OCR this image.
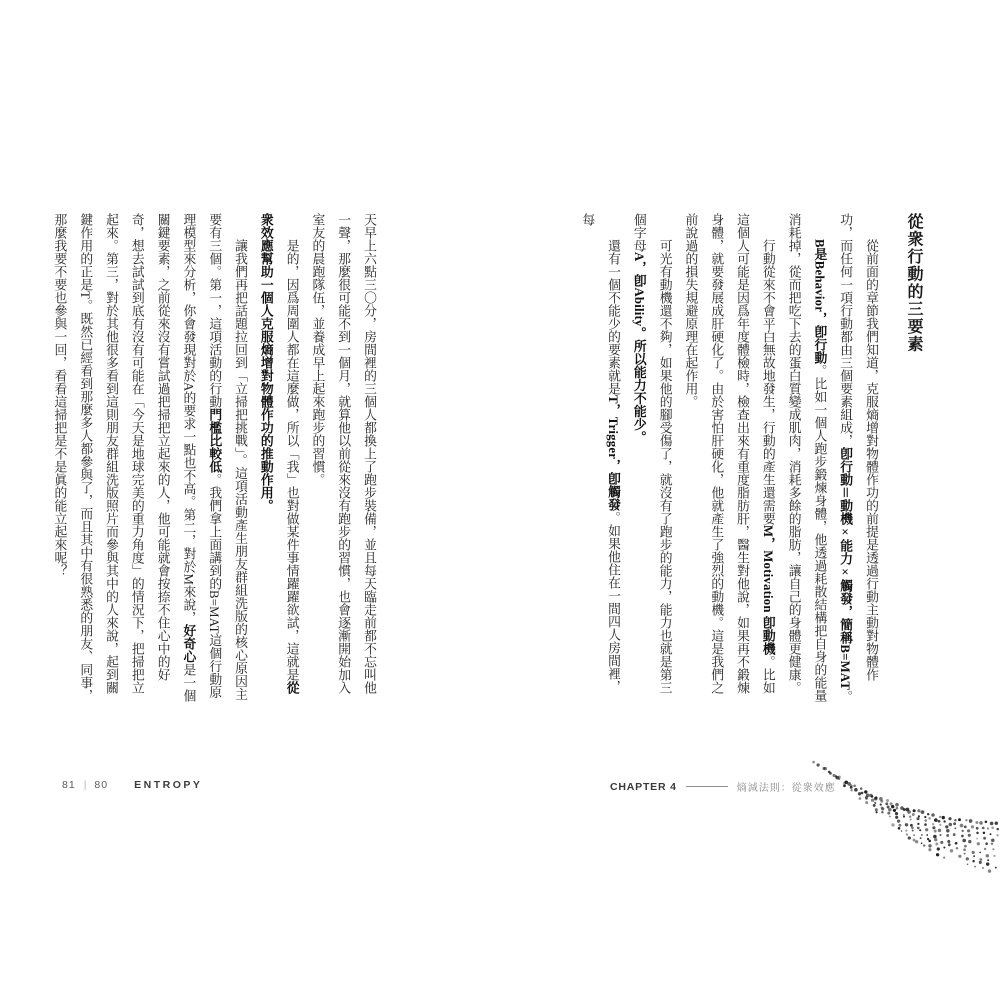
從衆行動的三要素

從前面的章節我們知道，克服熵增對物體作功的前提是透過行動主動對物體作功，而任何一項行動都由三個要素組成，卽行動＝動機×能力×觸發，簡稱B=MAT。

B是Behavior，卽行動。比如一個人跑步鍛煉身體，他透過耗散結構把自身的能量消耗掉，從而把吃下去的蛋白質變成肌肉，消耗多餘的脂肪，讓自己的身體更健康。

行動從來不會平白無故地發生，行動的產生還需要M，Motivation 卽動機。比如這個人可能是因爲年度體檢時，檢查出來有重度脂肪肝，醫生對他說，如果再不鍛煉身體，就要發展成肝硬化了。由於害怕肝硬化，他就產生了強烈的動機。這是我們之前說過的損失規避原理在起作用。

可光有動機還不夠，如果他的腳受傷了，就沒有了跑步的能力，能力也就是第三個字母A，卽Ability。所以能力不能少。

還有一個不能少的要素就是T，Trigger，卽觸發。如果他住在一間四人房間裡，每

天早上六點三〇分，房間裡的三個人都換上了跑步裝備，並且每天臨走前都不忘叫他一聲，那麼很可能不到一個月，就算他以前從來沒有跑步的習慣，也會逐漸開始加入室友的晨跑隊伍，並養成早上起來跑步的習慣。

是的，因爲周圍人都在這麼做，所以「我」也對做某件事情躍躍欲試，這就是從衆效應幫助一個人克服熵增對物體作功的推動作用。

讓我們再把話題拉回到「立掃把挑戰」。這項活動產生朋友群組洗版的核心原因主要有三個。第一，這項活動的行動門檻比較低。我們拿上面講到的B=MAT這個行動原理模型來分析，你會發現對於A的要求一點也不高。第二，對於M來說，好奇心是一個關鍵要素，之前從來沒有嘗試過把掃把立起來的人，他可能就會按捺不住心中的好奇，想去試試到底有沒有可能在「今天是地球完美的重力角度」的情況下，把掃把立起來。第三，對於其他很多看到這則朋友群組洗版照片而參與其中的人來說，起到關鍵作用的正是T。既然已經看到那麼多人都參與了，而且其中有很熟悉的朋友、同事，那麼我要不要也參與一回，看看這掃把是不是眞的能立起來呢？

81 | 80 ENTROPY	CHAPTER 4	熵減法則：從衆效應
